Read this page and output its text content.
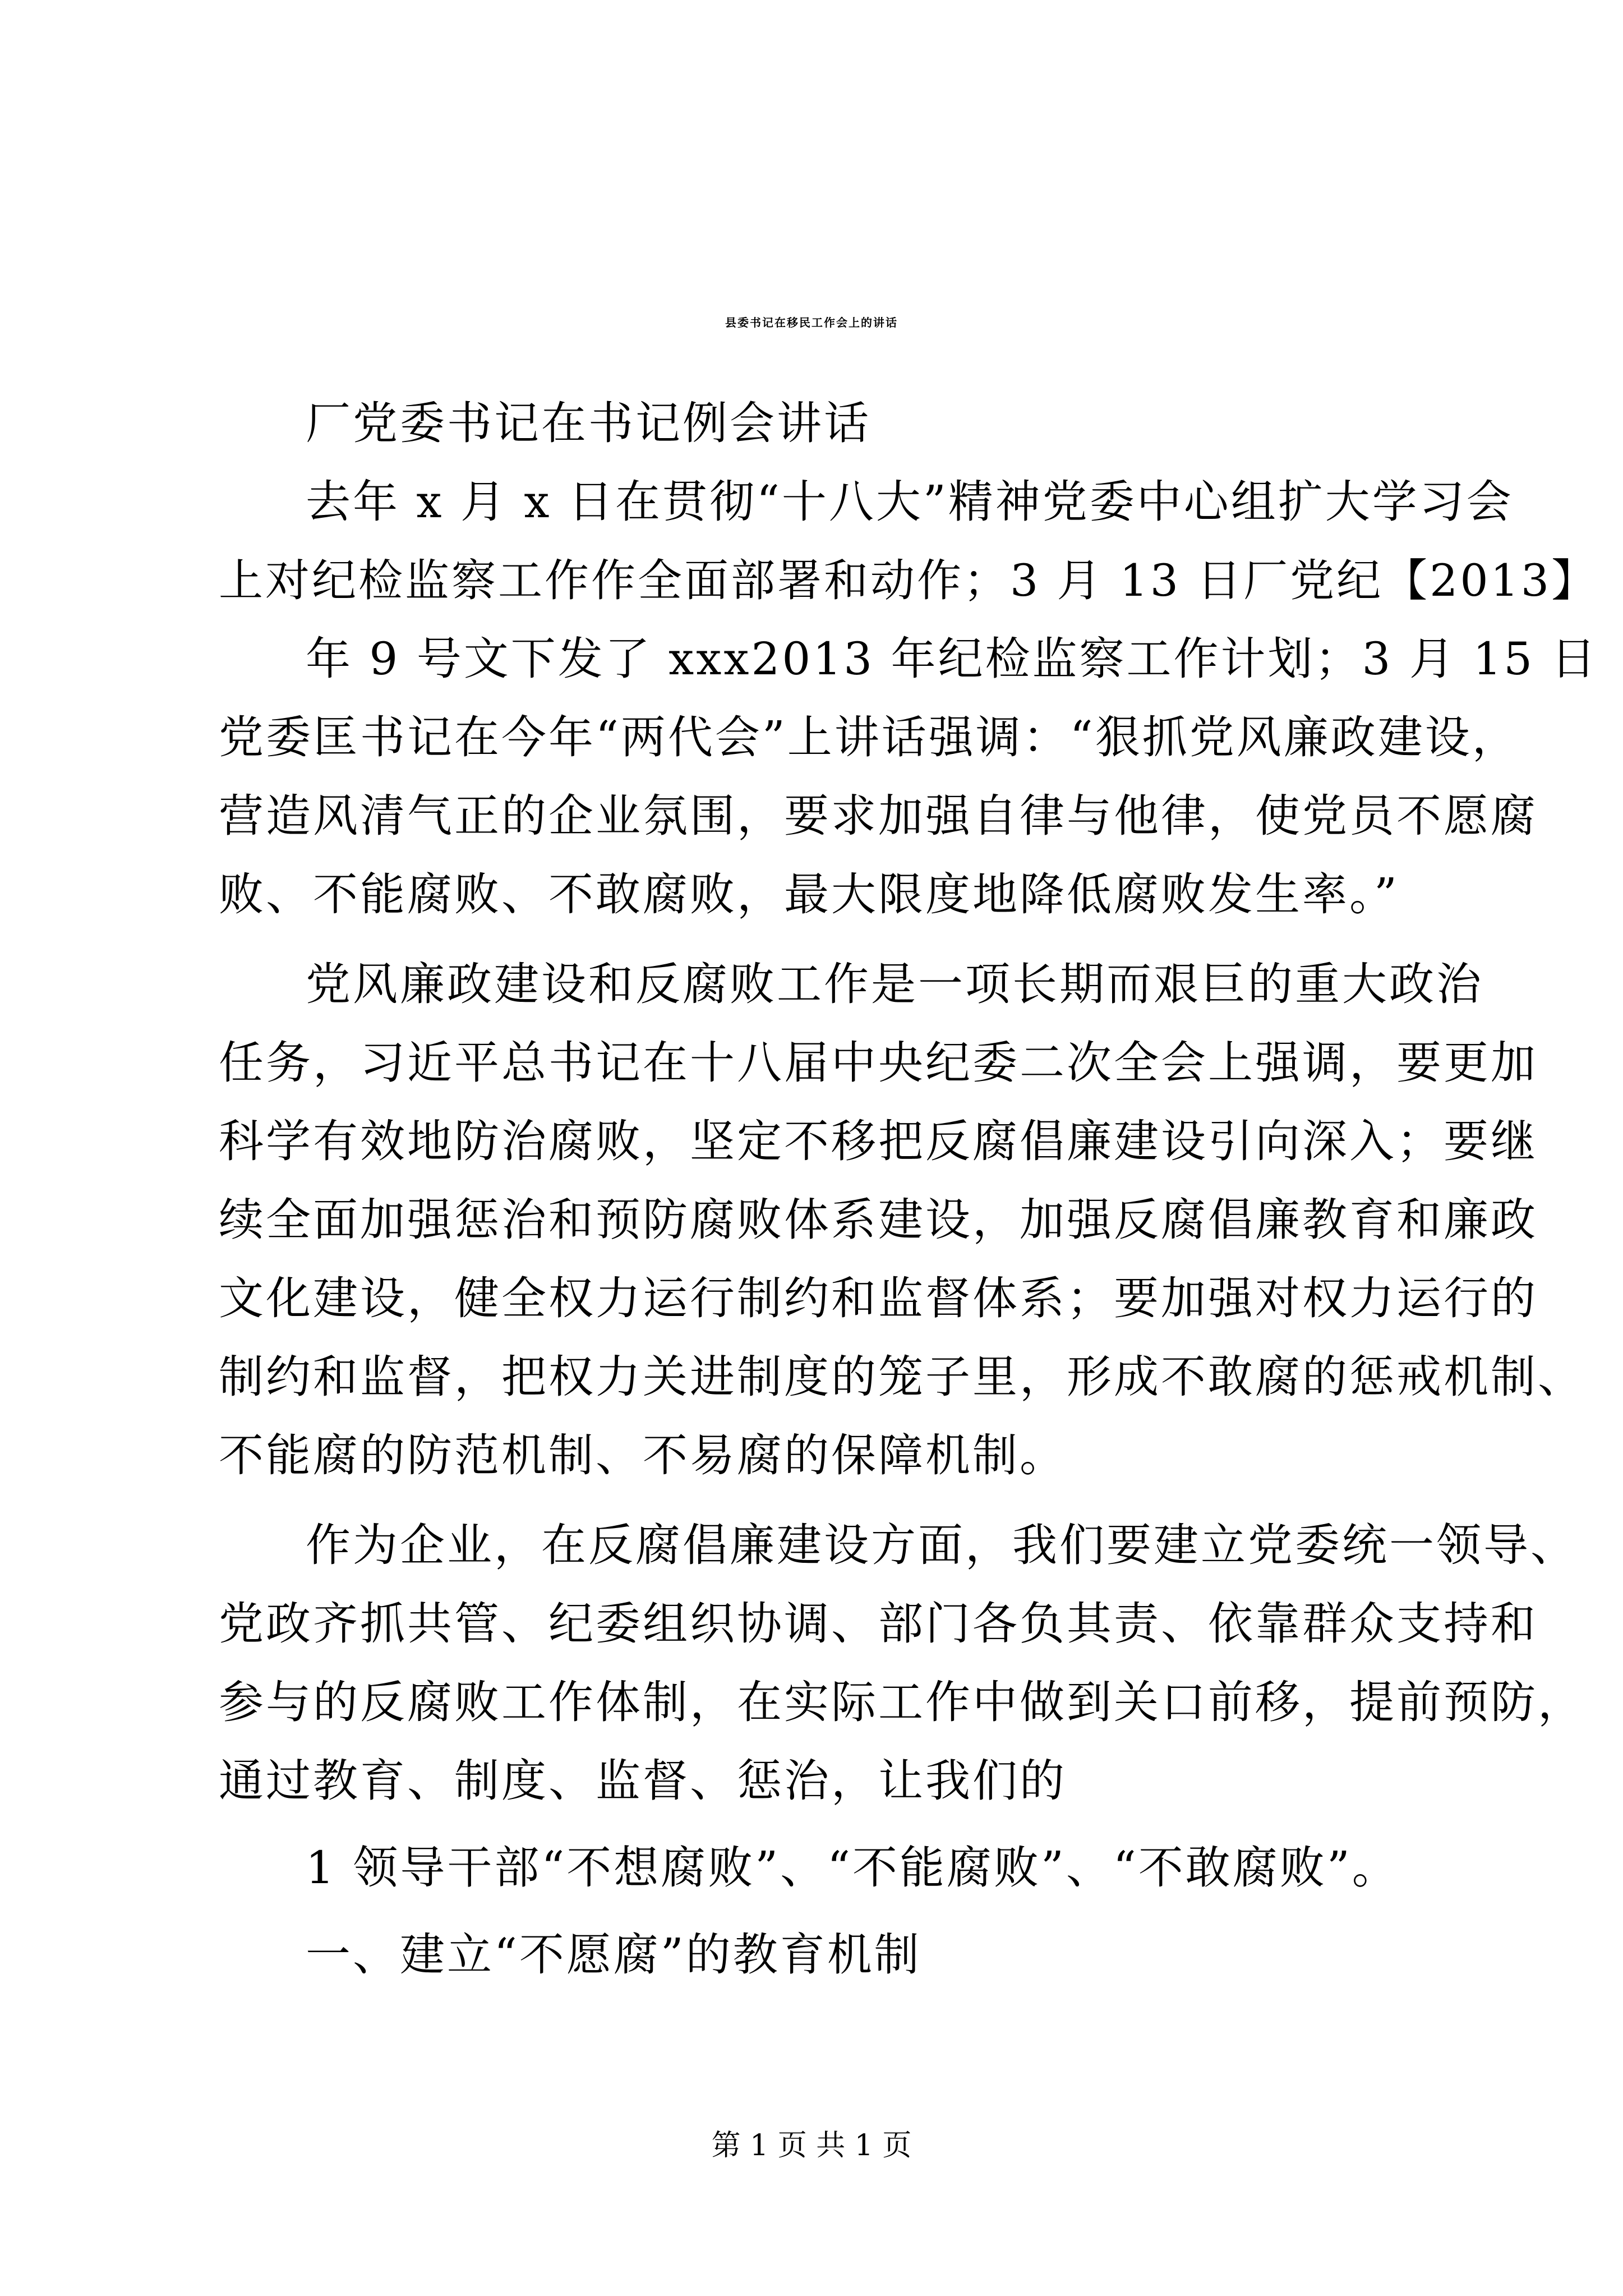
县委书记在移民工作会上的讲话
厂党委书记在书记例会讲话
去年 x 月 x 日在贯彻“十八大”精神党委中心组扩大学习会
上对纪检监察工作作全面部署和动作；3 月 13 日厂党纪【2013】
年 9 号文下发了 xxx2013 年纪检监察工作计划；3 月 15 日
党委匡书记在今年“两代会”上讲话强调：“狠抓党风廉政建设，
营造风清气正的企业氛围，要求加强自律与他律，使党员不愿腐
败、不能腐败、不敢腐败，最大限度地降低腐败发生率。”
党风廉政建设和反腐败工作是一项长期而艰巨的重大政治
任务，习近平总书记在十八届中央纪委二次全会上强调，要更加
科学有效地防治腐败，坚定不移把反腐倡廉建设引向深入；要继
续全面加强惩治和预防腐败体系建设，加强反腐倡廉教育和廉政
文化建设，健全权力运行制约和监督体系；要加强对权力运行的
制约和监督，把权力关进制度的笼子里，形成不敢腐的惩戒机制、
不能腐的防范机制、不易腐的保障机制。
作为企业，在反腐倡廉建设方面，我们要建立党委统一领导、
党政齐抓共管、纪委组织协调、部门各负其责、依靠群众支持和
参与的反腐败工作体制，在实际工作中做到关口前移，提前预防，
通过教育、制度、监督、惩治，让我们的
1 领导干部“不想腐败”、“不能腐败”、“不敢腐败”。
一、建立“不愿腐”的教育机制
第 1 页 共 1 页
